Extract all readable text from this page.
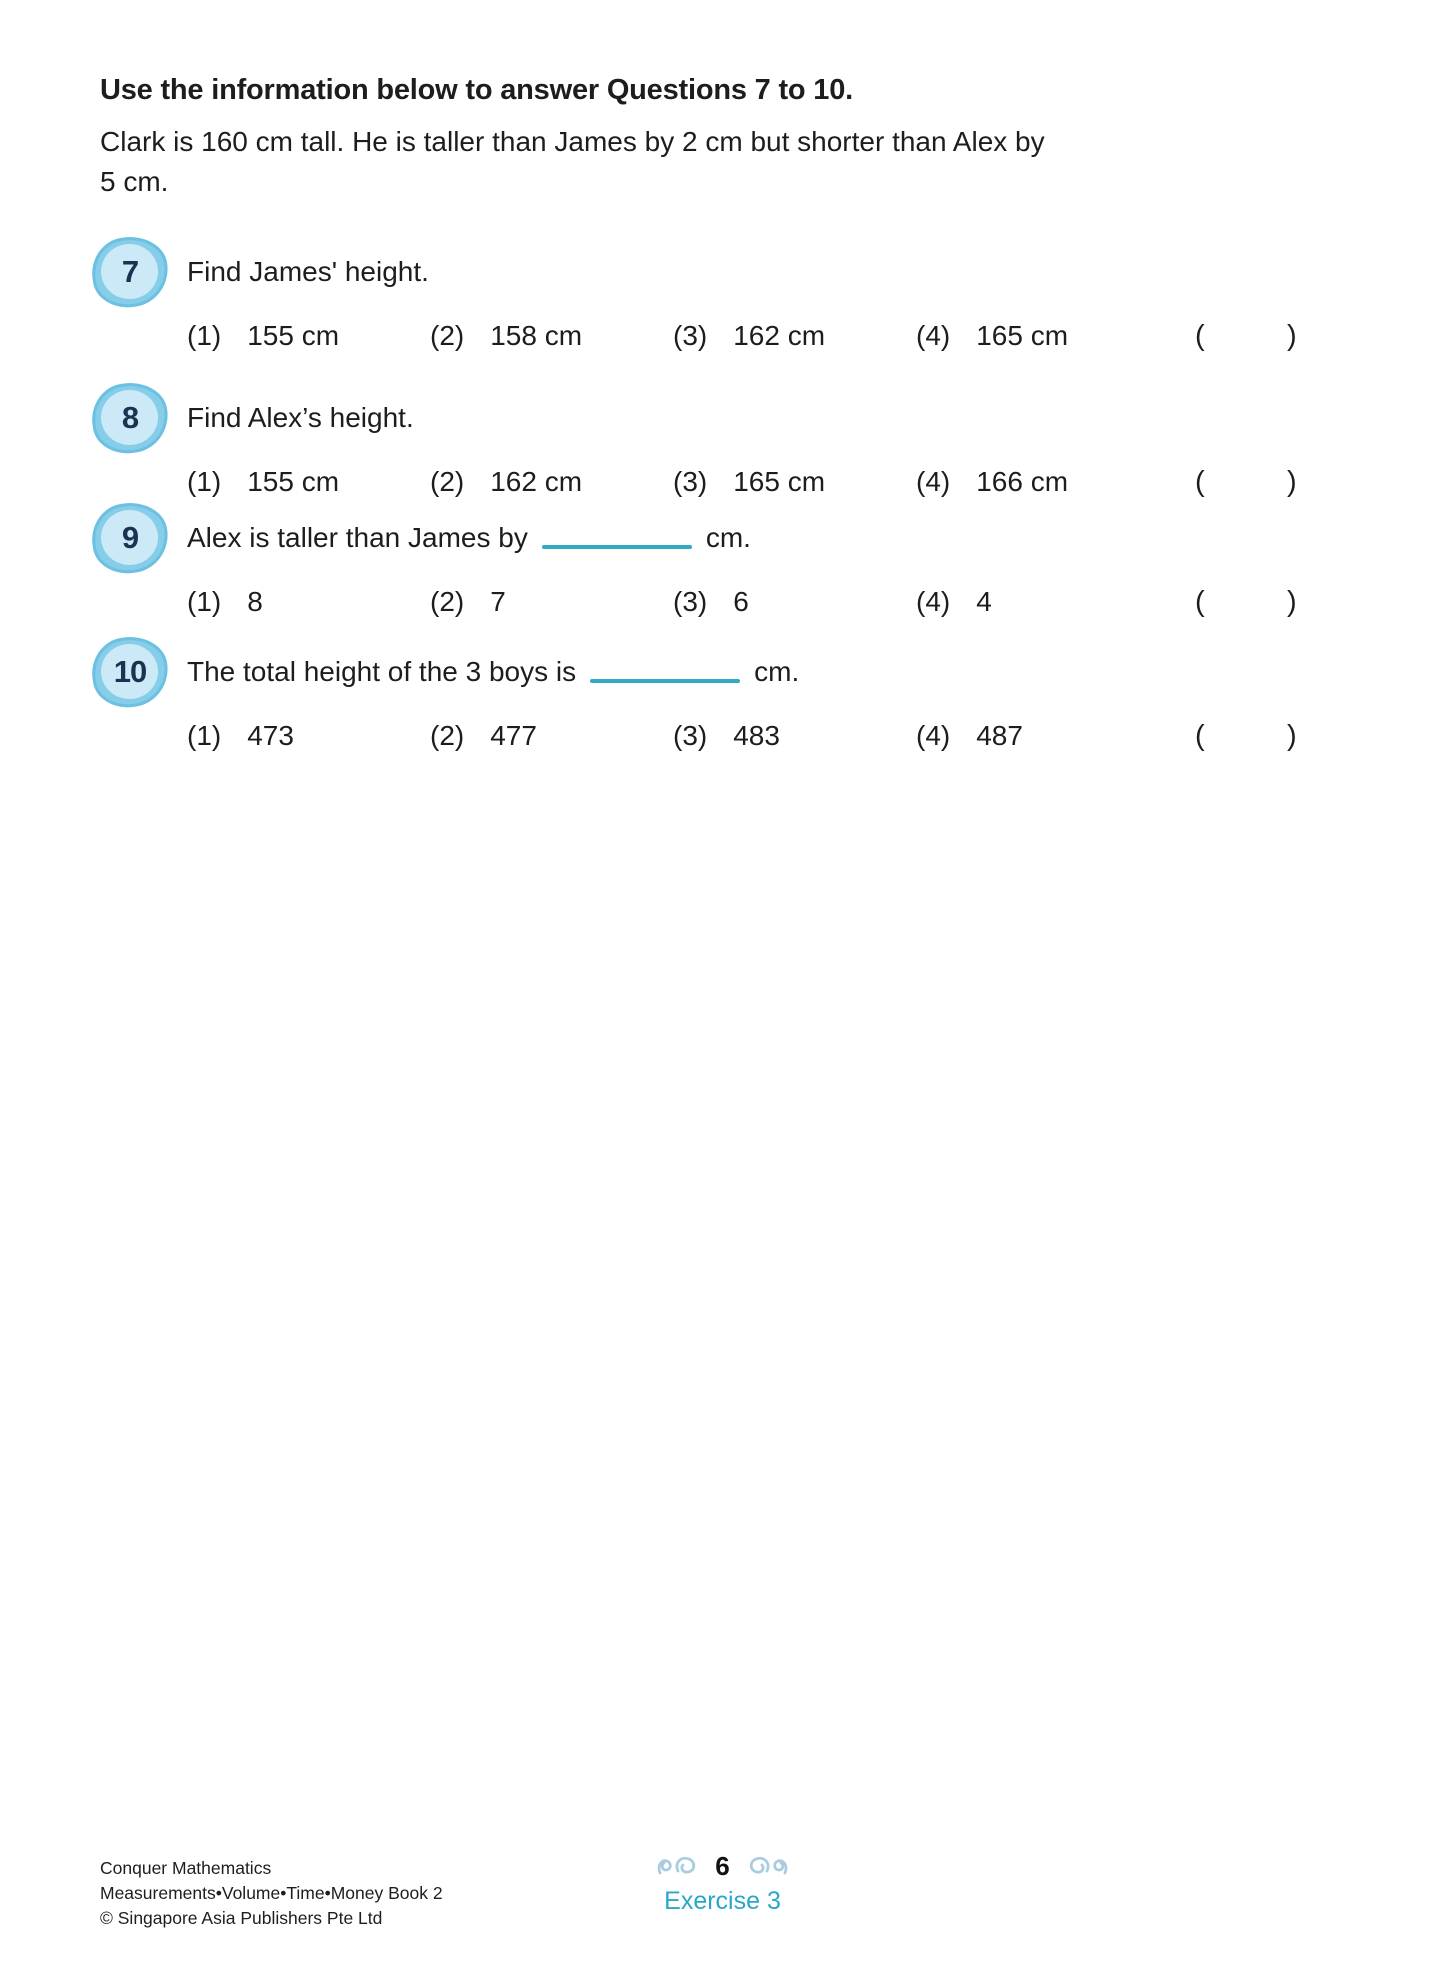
Use the information below to answer Questions 7 to 10.

Clark is 160 cm tall. He is taller than James by 2 cm but shorter than Alex by
5 cm.

7	Find James' height.
(1) 155 cm	(2) 158 cm	(3) 162 cm	(4) 165 cm	(	)
8	Find Alex’s height.
(1) 155 cm	(2) 162 cm	(3) 165 cm	(4) 166 cm	(	)
9	Alex is taller than James by	cm.
(1) 8	(2) 7	(3) 6	(4) 4	(	)
10	The total height of the 3 boys is	cm.
(1) 473	(2) 477	(3) 483	(4) 487	(	)
Conquer Mathematics
Measurements•Volume•Time•Money Book 2
© Singapore Asia Publishers Pte Ltd
6
Exercise 3
